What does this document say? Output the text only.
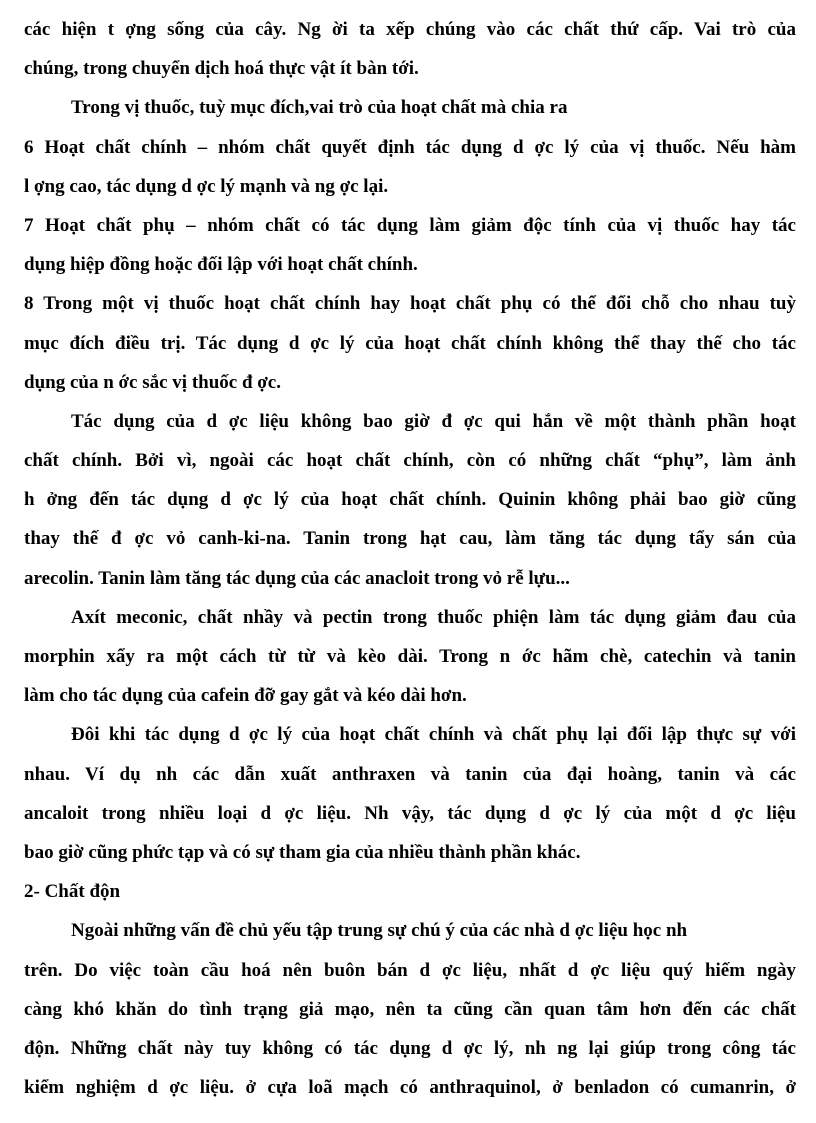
các hiện t ợng sống của cây. Ng ời ta xếp chúng vào các chất thứ cấp. Vai trò của
chúng, trong chuyển dịch hoá thực vật ít bàn tới.
Trong vị thuốc, tuỳ mục đích,vai trò của hoạt chất mà chia ra
6 Hoạt chất chính – nhóm chất quyết định tác dụng d ợc lý của vị thuốc. Nếu hàm
l ợng cao, tác dụng d ợc lý mạnh và ng ợc lại.
7 Hoạt chất phụ – nhóm chất có tác dụng làm giảm độc tính của vị thuốc hay tác
dụng hiệp đồng hoặc đối lập với hoạt chất chính.
8 Trong một vị thuốc hoạt chất chính hay hoạt chất phụ có thể đổi chỗ cho nhau tuỳ
mục đích điều trị. Tác dụng d ợc lý của hoạt chất chính không thể thay thế cho tác
dụng của n ớc sắc vị thuốc đ ợc.
Tác dụng của d ợc liệu không bao giờ đ ợc qui hắn về một thành phần hoạt
chất chính. Bởi vì, ngoài các hoạt chất chính, còn có những chất “phụ”, làm ảnh
h ởng đến tác dụng d ợc lý của hoạt chất chính. Quinin không phải bao giờ cũng
thay thế đ ợc vỏ canh-ki-na. Tanin trong hạt cau, làm tăng tác dụng tẩy sán của
arecolin. Tanin làm tăng tác dụng của các anacloit trong vỏ rễ lựu...
Axít meconic, chất nhầy và pectin trong thuốc phiện làm tác dụng giảm đau của
morphin xẩy ra một cách từ từ và kèo dài. Trong n ớc hãm chè, catechin và tanin
làm cho tác dụng của cafein đỡ gay gắt và kéo dài hơn.
Đôi khi tác dụng d ợc lý của hoạt chất chính và chất phụ lại đối lập thực sự với
nhau. Ví dụ nh các dẫn xuất anthraxen và tanin của đại hoàng, tanin và các
ancaloit trong nhiều loại d ợc liệu. Nh vậy, tác dụng d ợc lý của một d ợc liệu
bao giờ cũng phức tạp và có sự tham gia của nhiều thành phần khác.
2- Chất độn
Ngoài những vấn đề chủ yếu tập trung sự chú ý của các nhà d ợc liệu học nh
trên. Do việc toàn cầu hoá nên buôn bán d ợc liệu, nhất d ợc liệu quý hiếm ngày
càng khó khăn do tình trạng giả mạo, nên ta cũng cần quan tâm hơn đến các chất
độn. Những chất này tuy không có tác dụng d ợc lý, nh ng lại giúp trong công tác
kiểm nghiệm d ợc liệu. ở cựa loã mạch có anthraquinol, ở benladon có cumanrin, ở
